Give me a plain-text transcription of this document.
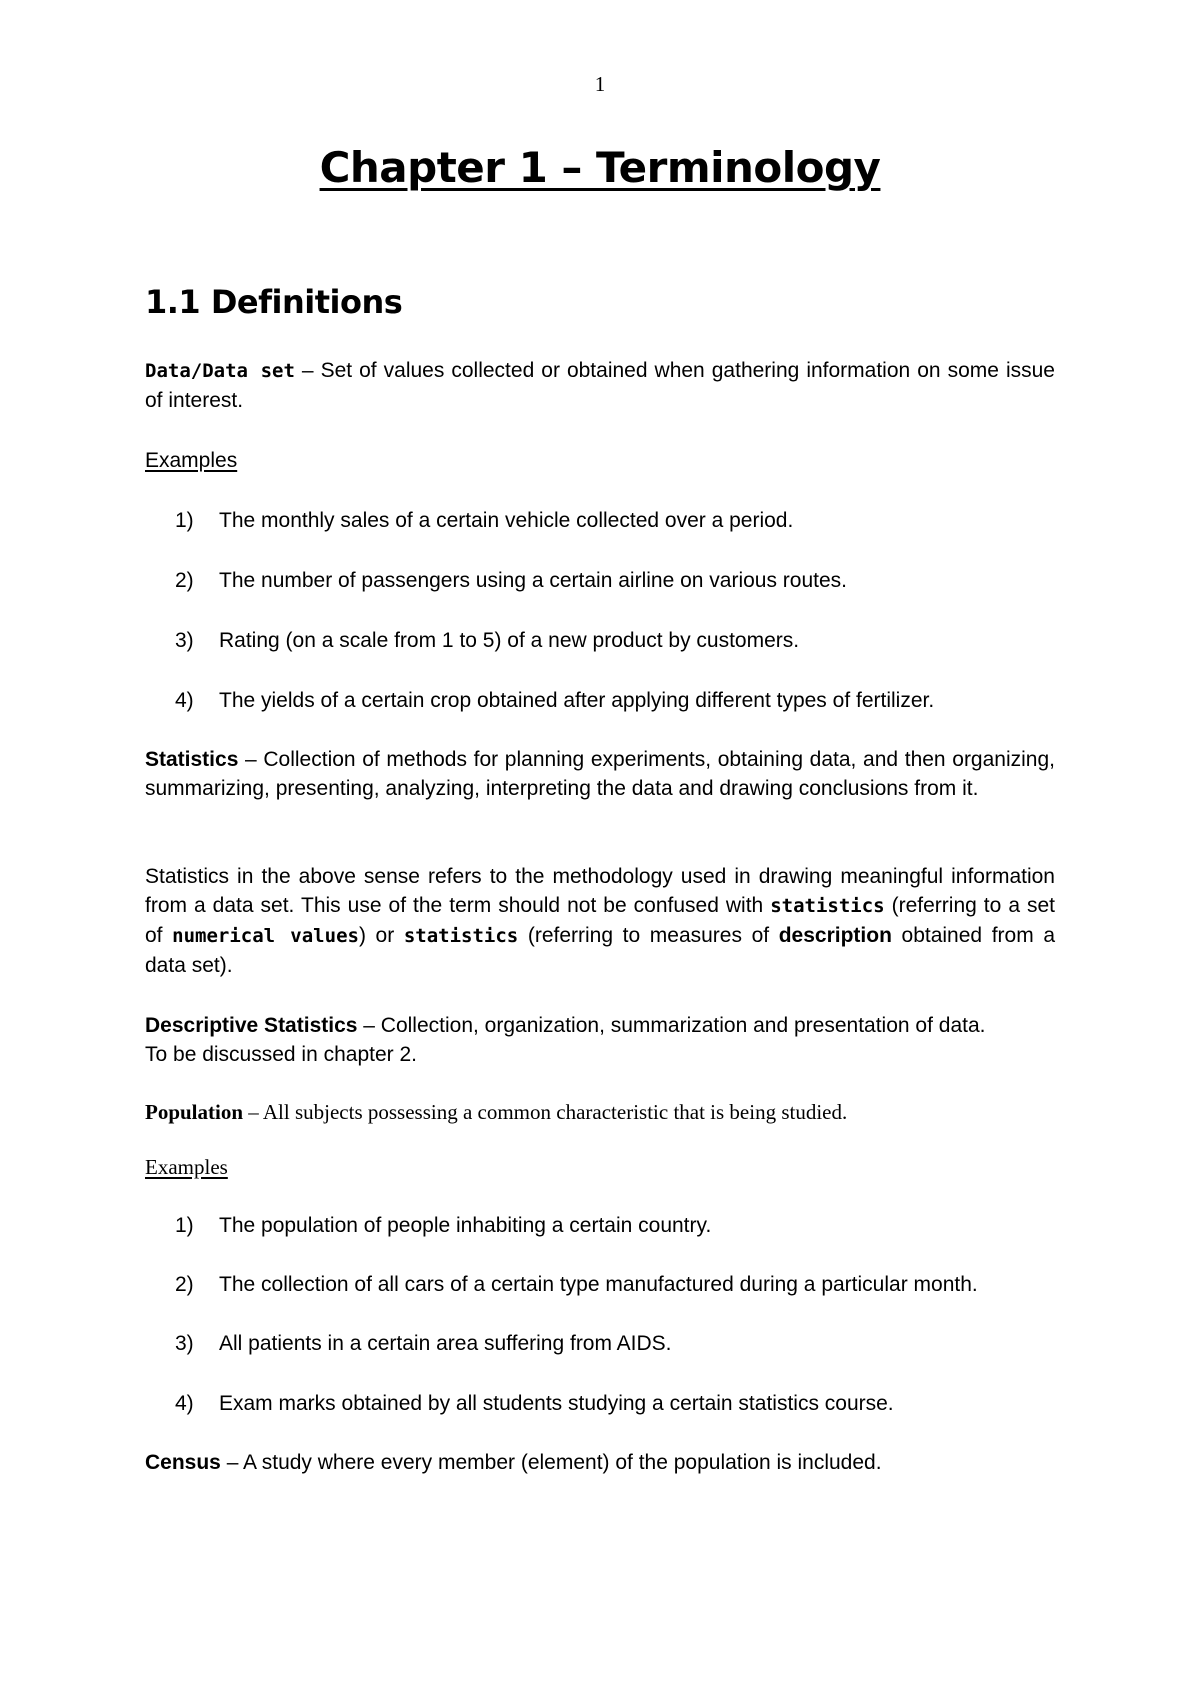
1
Chapter 1 – Terminology
1.1 Definitions

Data/Data set – Set of values collected or obtained when gathering information on some issue of interest.

Examples

1) The monthly sales of a certain vehicle collected over a period.
2) The number of passengers using a certain airline on various routes.
3) Rating (on a scale from 1 to 5) of a new product by customers.
4) The yields of a certain crop obtained after applying different types of fertilizer.

Statistics – Collection of methods for planning experiments, obtaining data, and then organizing, summarizing, presenting, analyzing, interpreting the data and drawing conclusions from it.

Statistics in the above sense refers to the methodology used in drawing meaningful information from a data set. This use of the term should not be confused with statistics (referring to a set of numerical values) or statistics (referring to measures of description obtained from a data set).

Descriptive Statistics – Collection, organization, summarization and presentation of data.
To be discussed in chapter 2.

Population – All subjects possessing a common characteristic that is being studied.

Examples

1) The population of people inhabiting a certain country.
2) The collection of all cars of a certain type manufactured during a particular month.
3) All patients in a certain area suffering from AIDS.
4) Exam marks obtained by all students studying a certain statistics course.

Census – A study where every member (element) of the population is included.
